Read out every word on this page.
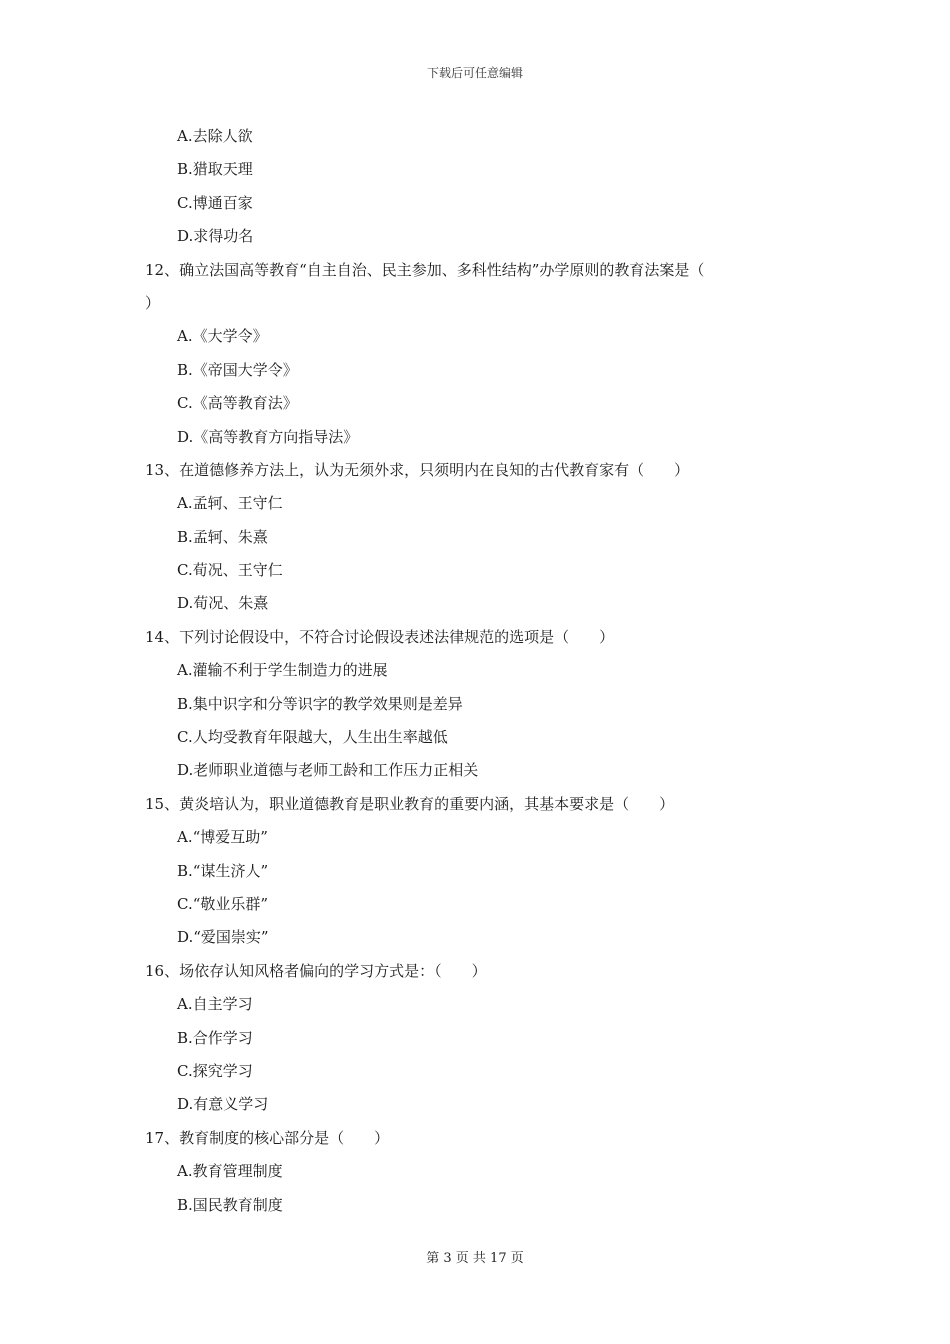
下载后可任意编辑
A.去除人欲
B.猎取天理
C.博通百家
D.求得功名
12、确立法国高等教育“自主自治、民主参加、多科性结构”办学原则的教育法案是（
）
A.《大学令》
B.《帝国大学令》
C.《高等教育法》
D.《高等教育方向指导法》
13、在道德修养方法上，认为无须外求，只须明内在良知的古代教育家有（　　）
A.孟轲、王守仁
B.孟轲、朱熹
C.荀况、王守仁
D.荀况、朱熹
14、下列讨论假设中，不符合讨论假设表述法律规范的选项是（　　）
A.灌输不利于学生制造力的进展
B.集中识字和分等识字的教学效果则是差异
C.人均受教育年限越大，人生出生率越低
D.老师职业道德与老师工龄和工作压力正相关
15、黄炎培认为，职业道德教育是职业教育的重要内涵，其基本要求是（　　）
A.“博爱互助”
B.“谋生济人”
C.“敬业乐群”
D.“爱国崇实”
16、场依存认知风格者偏向的学习方式是：（　　）
A.自主学习
B.合作学习
C.探究学习
D.有意义学习
17、教育制度的核心部分是（　　）
A.教育管理制度
B.国民教育制度
第 3 页 共 17 页
